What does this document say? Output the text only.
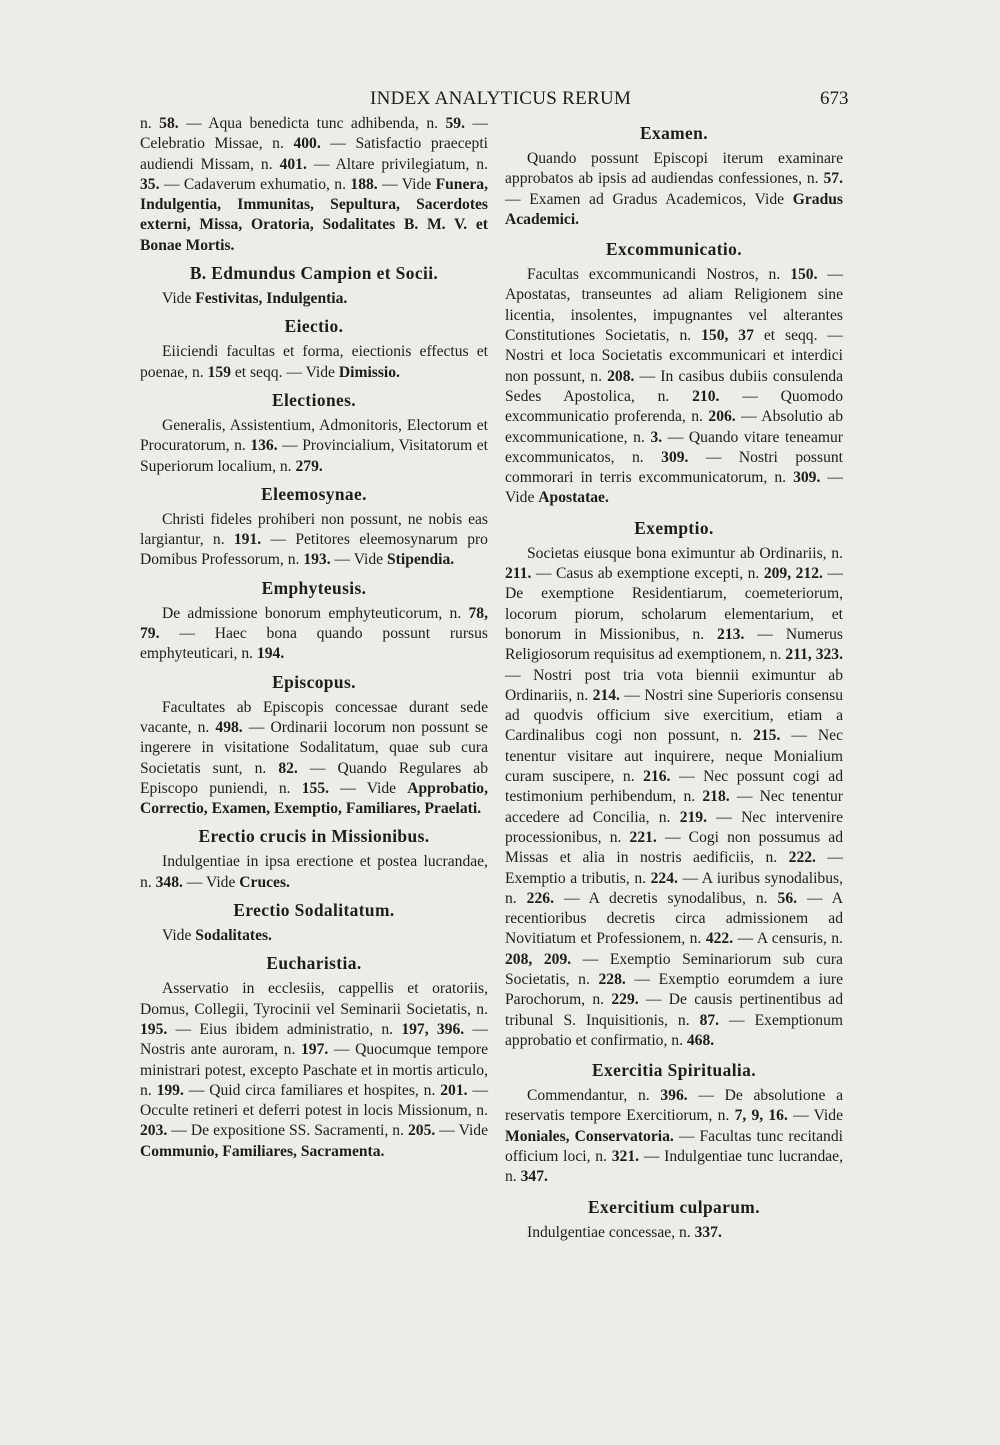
INDEX ANALYTICUS RERUM	673

n. 58. — Aqua benedicta tunc adhibenda, n. 59. — Celebratio Missae, n. 400. — Satisfactio praecepti audiendi Missam, n. 401. — Altare privilegiatum, n. 35. — Cadaverum exhumatio, n. 188. — Vide Funera, Indulgentia, Immunitas, Sepultura, Sacerdotes externi, Missa, Oratoria, Sodalitates B. M. V. et Bonae Mortis.

B. Edmundus Campion et Socii.

Vide Festivitas, Indulgentia.

Eiectio.

Eiiciendi facultas et forma, eiectionis effectus et poenae, n. 159 et seqq. — Vide Dimissio.

Electiones.

Generalis, Assistentium, Admonitoris, Electorum et Procuratorum, n. 136. — Provincialium, Visitatorum et Superiorum localium, n. 279.

Eleemosynae.

Christi fideles prohiberi non possunt, ne nobis eas largiantur, n. 191. — Petitores eleemosynarum pro Domibus Professorum, n. 193. — Vide Stipendia.

Emphyteusis.

De admissione bonorum emphyteuticorum, n. 78, 79. — Haec bona quando possunt rursus emphyteuticari, n. 194.

Episcopus.

Facultates ab Episcopis concessae durant sede vacante, n. 498. — Ordinarii locorum non possunt se ingerere in visitatione Sodalitatum, quae sub cura Societatis sunt, n. 82. — Quando Regulares ab Episcopo puniendi, n. 155. — Vide Approbatio, Correctio, Examen, Exemptio, Familiares, Praelati.

Erectio crucis in Missionibus.

Indulgentiae in ipsa erectione et postea lucrandae, n. 348. — Vide Cruces.

Erectio Sodalitatum.

Vide Sodalitates.

Eucharistia.

Asservatio in ecclesiis, cappellis et oratoriis, Domus, Collegii, Tyrocinii vel Seminarii Societatis, n. 195. — Eius ibidem administratio, n. 197, 396. — Nostris ante auroram, n. 197. — Quocumque tempore ministrari potest, excepto Paschate et in mortis articulo, n. 199. — Quid circa familiares et hospites, n. 201. — Occulte retineri et deferri potest in locis Missionum, n. 203. — De expositione SS. Sacramenti, n. 205. — Vide Communio, Familiares, Sacramenta.

Examen.

Quando possunt Episcopi iterum examinare approbatos ab ipsis ad audiendas confessiones, n. 57. — Examen ad Gradus Academicos, Vide Gradus Academici.

Excommunicatio.

Facultas excommunicandi Nostros, n. 150. — Apostatas, transeuntes ad aliam Religionem sine licentia, insolentes, impugnantes vel alterantes Constitutiones Societatis, n. 150, 37 et seqq. — Nostri et loca Societatis excommunicari et interdici non possunt, n. 208. — In casibus dubiis consulenda Sedes Apostolica, n. 210. — Quomodo excommunicatio proferenda, n. 206. — Absolutio ab excommunicatione, n. 3. — Quando vitare teneamur excommunicatos, n. 309. — Nostri possunt commorari in terris excommunicatorum, n. 309. — Vide Apostatae.

Exemptio.

Societas eiusque bona eximuntur ab Ordinariis, n. 211. — Casus ab exemptione excepti, n. 209, 212. — De exemptione Residentiarum, coemeteriorum, locorum piorum, scholarum elementarium, et bonorum in Missionibus, n. 213. — Numerus Religiosorum requisitus ad exemptionem, n. 211, 323. — Nostri post tria vota biennii eximuntur ab Ordinariis, n. 214. — Nostri sine Superioris consensu ad quodvis officium sive exercitium, etiam a Cardinalibus cogi non possunt, n. 215. — Nec tenentur visitare aut inquirere, neque Monialium curam suscipere, n. 216. — Nec possunt cogi ad testimonium perhibendum, n. 218. — Nec tenentur accedere ad Concilia, n. 219. — Nec intervenire processionibus, n. 221. — Cogi non possumus ad Missas et alia in nostris aedificiis, n. 222. — Exemptio a tributis, n. 224. — A iuribus synodalibus, n. 226. — A decretis synodalibus, n. 56. — A recentioribus decretis circa admissionem ad Novitiatum et Professionem, n. 422. — A censuris, n. 208, 209. — Exemptio Seminariorum sub cura Societatis, n. 228. — Exemptio eorumdem a iure Parochorum, n. 229. — De causis pertinentibus ad tribunal S. Inquisitionis, n. 87. — Exemptionum approbatio et confirmatio, n. 468.

Exercitia Spiritualia.

Commendantur, n. 396. — De absolutione a reservatis tempore Exercitiorum, n. 7, 9, 16. — Vide Moniales, Conservatoria. — Facultas tunc recitandi officium loci, n. 321. — Indulgentiae tunc lucrandae, n. 347.

Exercitium culparum.

Indulgentiae concessae, n. 337.
